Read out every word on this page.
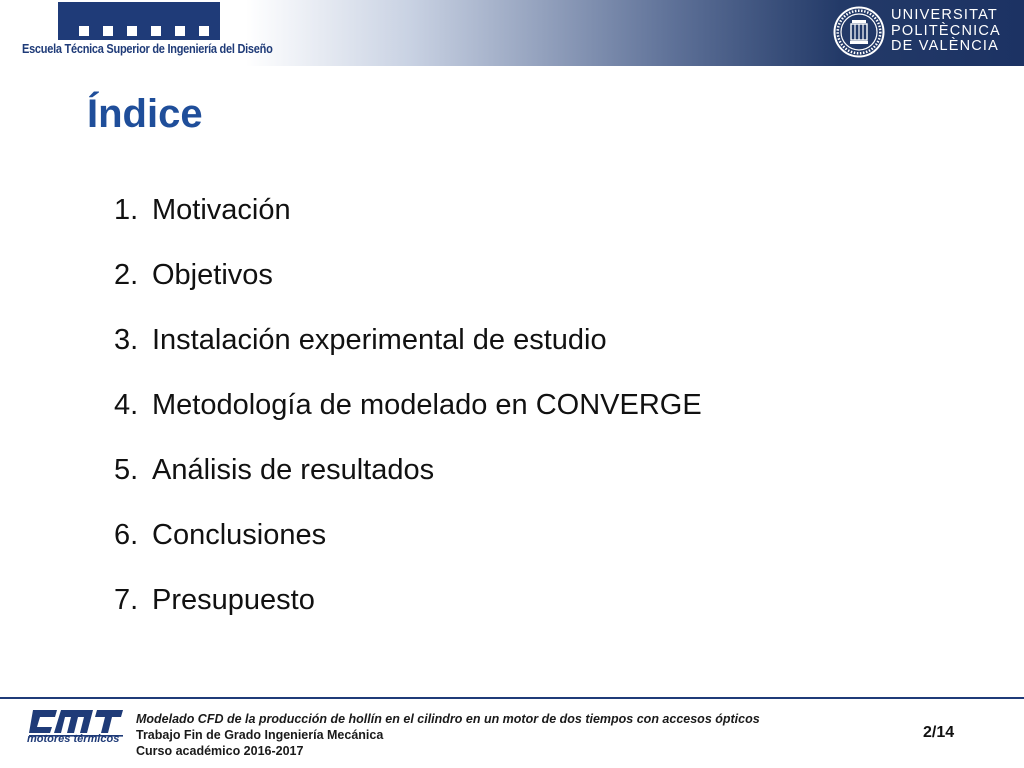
Escuela Técnica Superior de Ingeniería del Diseño
UNIVERSITAT
POLITÈCNICA
DE VALÈNCIA
Índice
1. Motivación
2. Objetivos
3. Instalación experimental de estudio
4. Metodología de modelado en CONVERGE
5. Análisis de resultados
6. Conclusiones
7. Presupuesto
motores térmicos
Modelado CFD de la producción de hollín en el cilindro en un motor de dos tiempos con accesos ópticos
Trabajo Fin de Grado Ingeniería Mecánica
Curso académico 2016-2017
2/14
